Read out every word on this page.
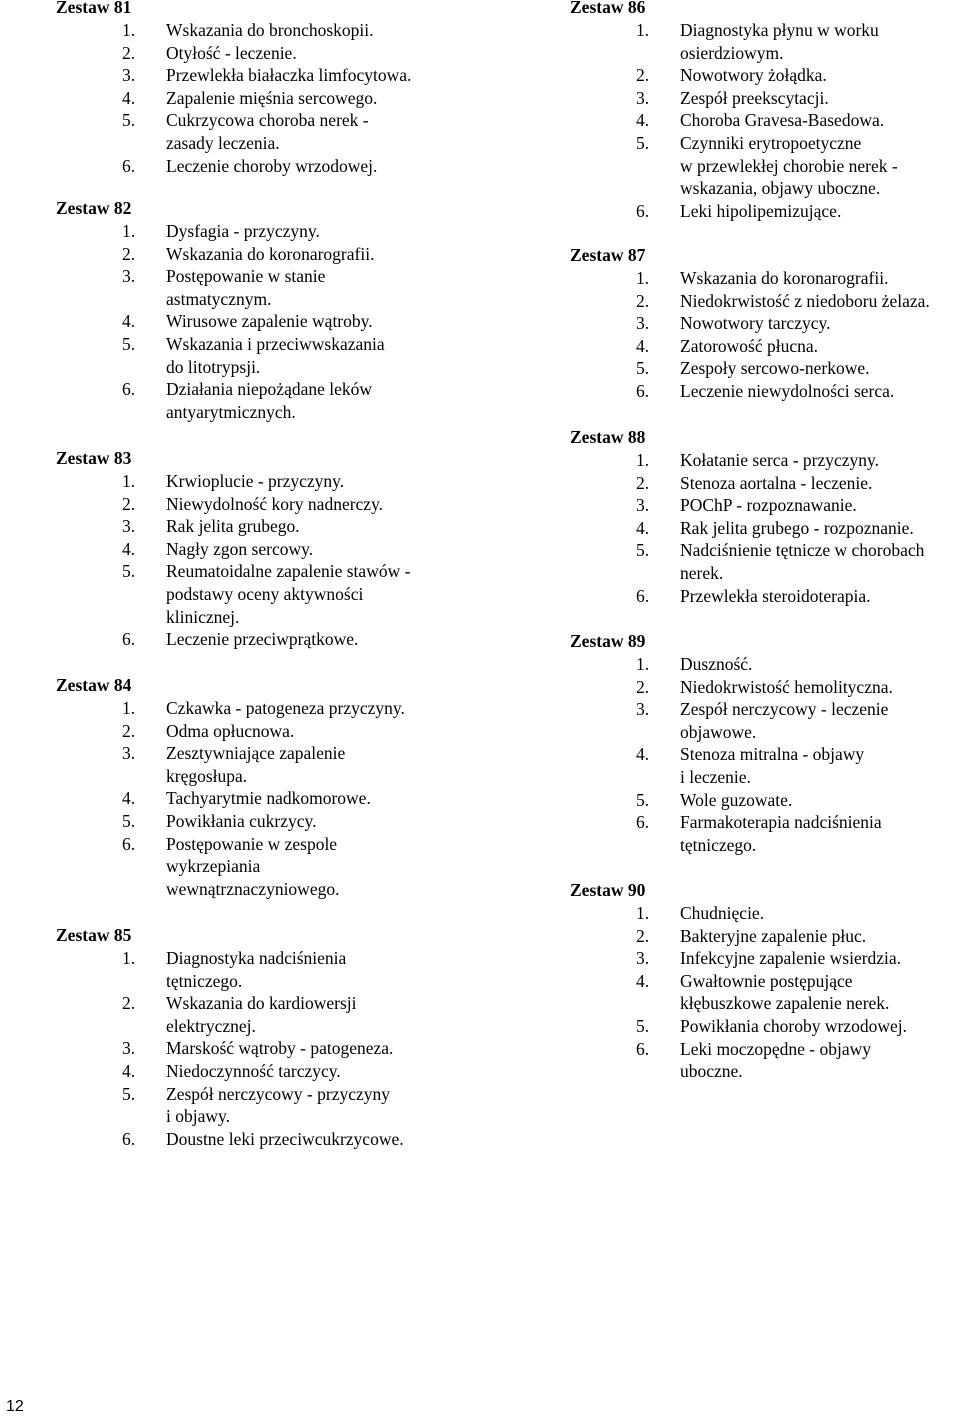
Zestaw 81
1. Wskazania do bronchoskopii.
2. Otyłość - leczenie.
3. Przewlekła białaczka limfocytowa.
4. Zapalenie mięśnia sercowego.
5. Cukrzycowa choroba nerek -
zasady leczenia.
6. Leczenie choroby wrzodowej.
Zestaw 82
1. Dysfagia - przyczyny.
2. Wskazania do koronarografii.
3. Postępowanie w stanie
astmatycznym.
4. Wirusowe zapalenie wątroby.
5. Wskazania i przeciwwskazania
do litotrypsji.
6. Działania niepożądane leków
antyarytmicznych.
Zestaw 83
1. Krwioplucie - przyczyny.
2. Niewydolność kory nadnerczy.
3. Rak jelita grubego.
4. Nagły zgon sercowy.
5. Reumatoidalne zapalenie stawów -
podstawy oceny aktywności
klinicznej.
6. Leczenie przeciwprątkowe.
Zestaw 84
1. Czkawka - patogeneza przyczyny.
2. Odma opłucnowa.
3. Zesztywniające zapalenie
kręgosłupa.
4. Tachyarytmie nadkomorowe.
5. Powikłania cukrzycy.
6. Postępowanie w zespole
wykrzepiania
wewnątrznaczyniowego.
Zestaw 85
1. Diagnostyka nadciśnienia
tętniczego.
2. Wskazania do kardiowersji
elektrycznej.
3. Marskość wątroby - patogeneza.
4. Niedoczynność tarczycy.
5. Zespół nerczycowy - przyczyny
i objawy.
6. Doustne leki przeciwcukrzycowe.
Zestaw 86
1. Diagnostyka płynu w worku
osierdziowym.
2. Nowotwory żołądka.
3. Zespół preekscytacji.
4. Choroba Gravesa-Basedowa.
5. Czynniki erytropoetyczne
w przewlekłej chorobie nerek -
wskazania, objawy uboczne.
6. Leki hipolipemizujące.
Zestaw 87
1. Wskazania do koronarografii.
2. Niedokrwistość z niedoboru żelaza.
3. Nowotwory tarczycy.
4. Zatorowość płucna.
5. Zespoły sercowo-nerkowe.
6. Leczenie niewydolności serca.
Zestaw 88
1. Kołatanie serca - przyczyny.
2. Stenoza aortalna - leczenie.
3. POChP - rozpoznawanie.
4. Rak jelita grubego - rozpoznanie.
5. Nadciśnienie tętnicze w chorobach
nerek.
6. Przewlekła steroidoterapia.
Zestaw 89
1. Duszność.
2. Niedokrwistość hemolityczna.
3. Zespół nerczycowy - leczenie
objawowe.
4. Stenoza mitralna - objawy
i leczenie.
5. Wole guzowate.
6. Farmakoterapia nadciśnienia
tętniczego.
Zestaw 90
1. Chudnięcie.
2. Bakteryjne zapalenie płuc.
3. Infekcyjne zapalenie wsierdzia.
4. Gwałtownie postępujące
kłębuszkowe zapalenie nerek.
5. Powikłania choroby wrzodowej.
6. Leki moczopędne - objawy
uboczne.
12
